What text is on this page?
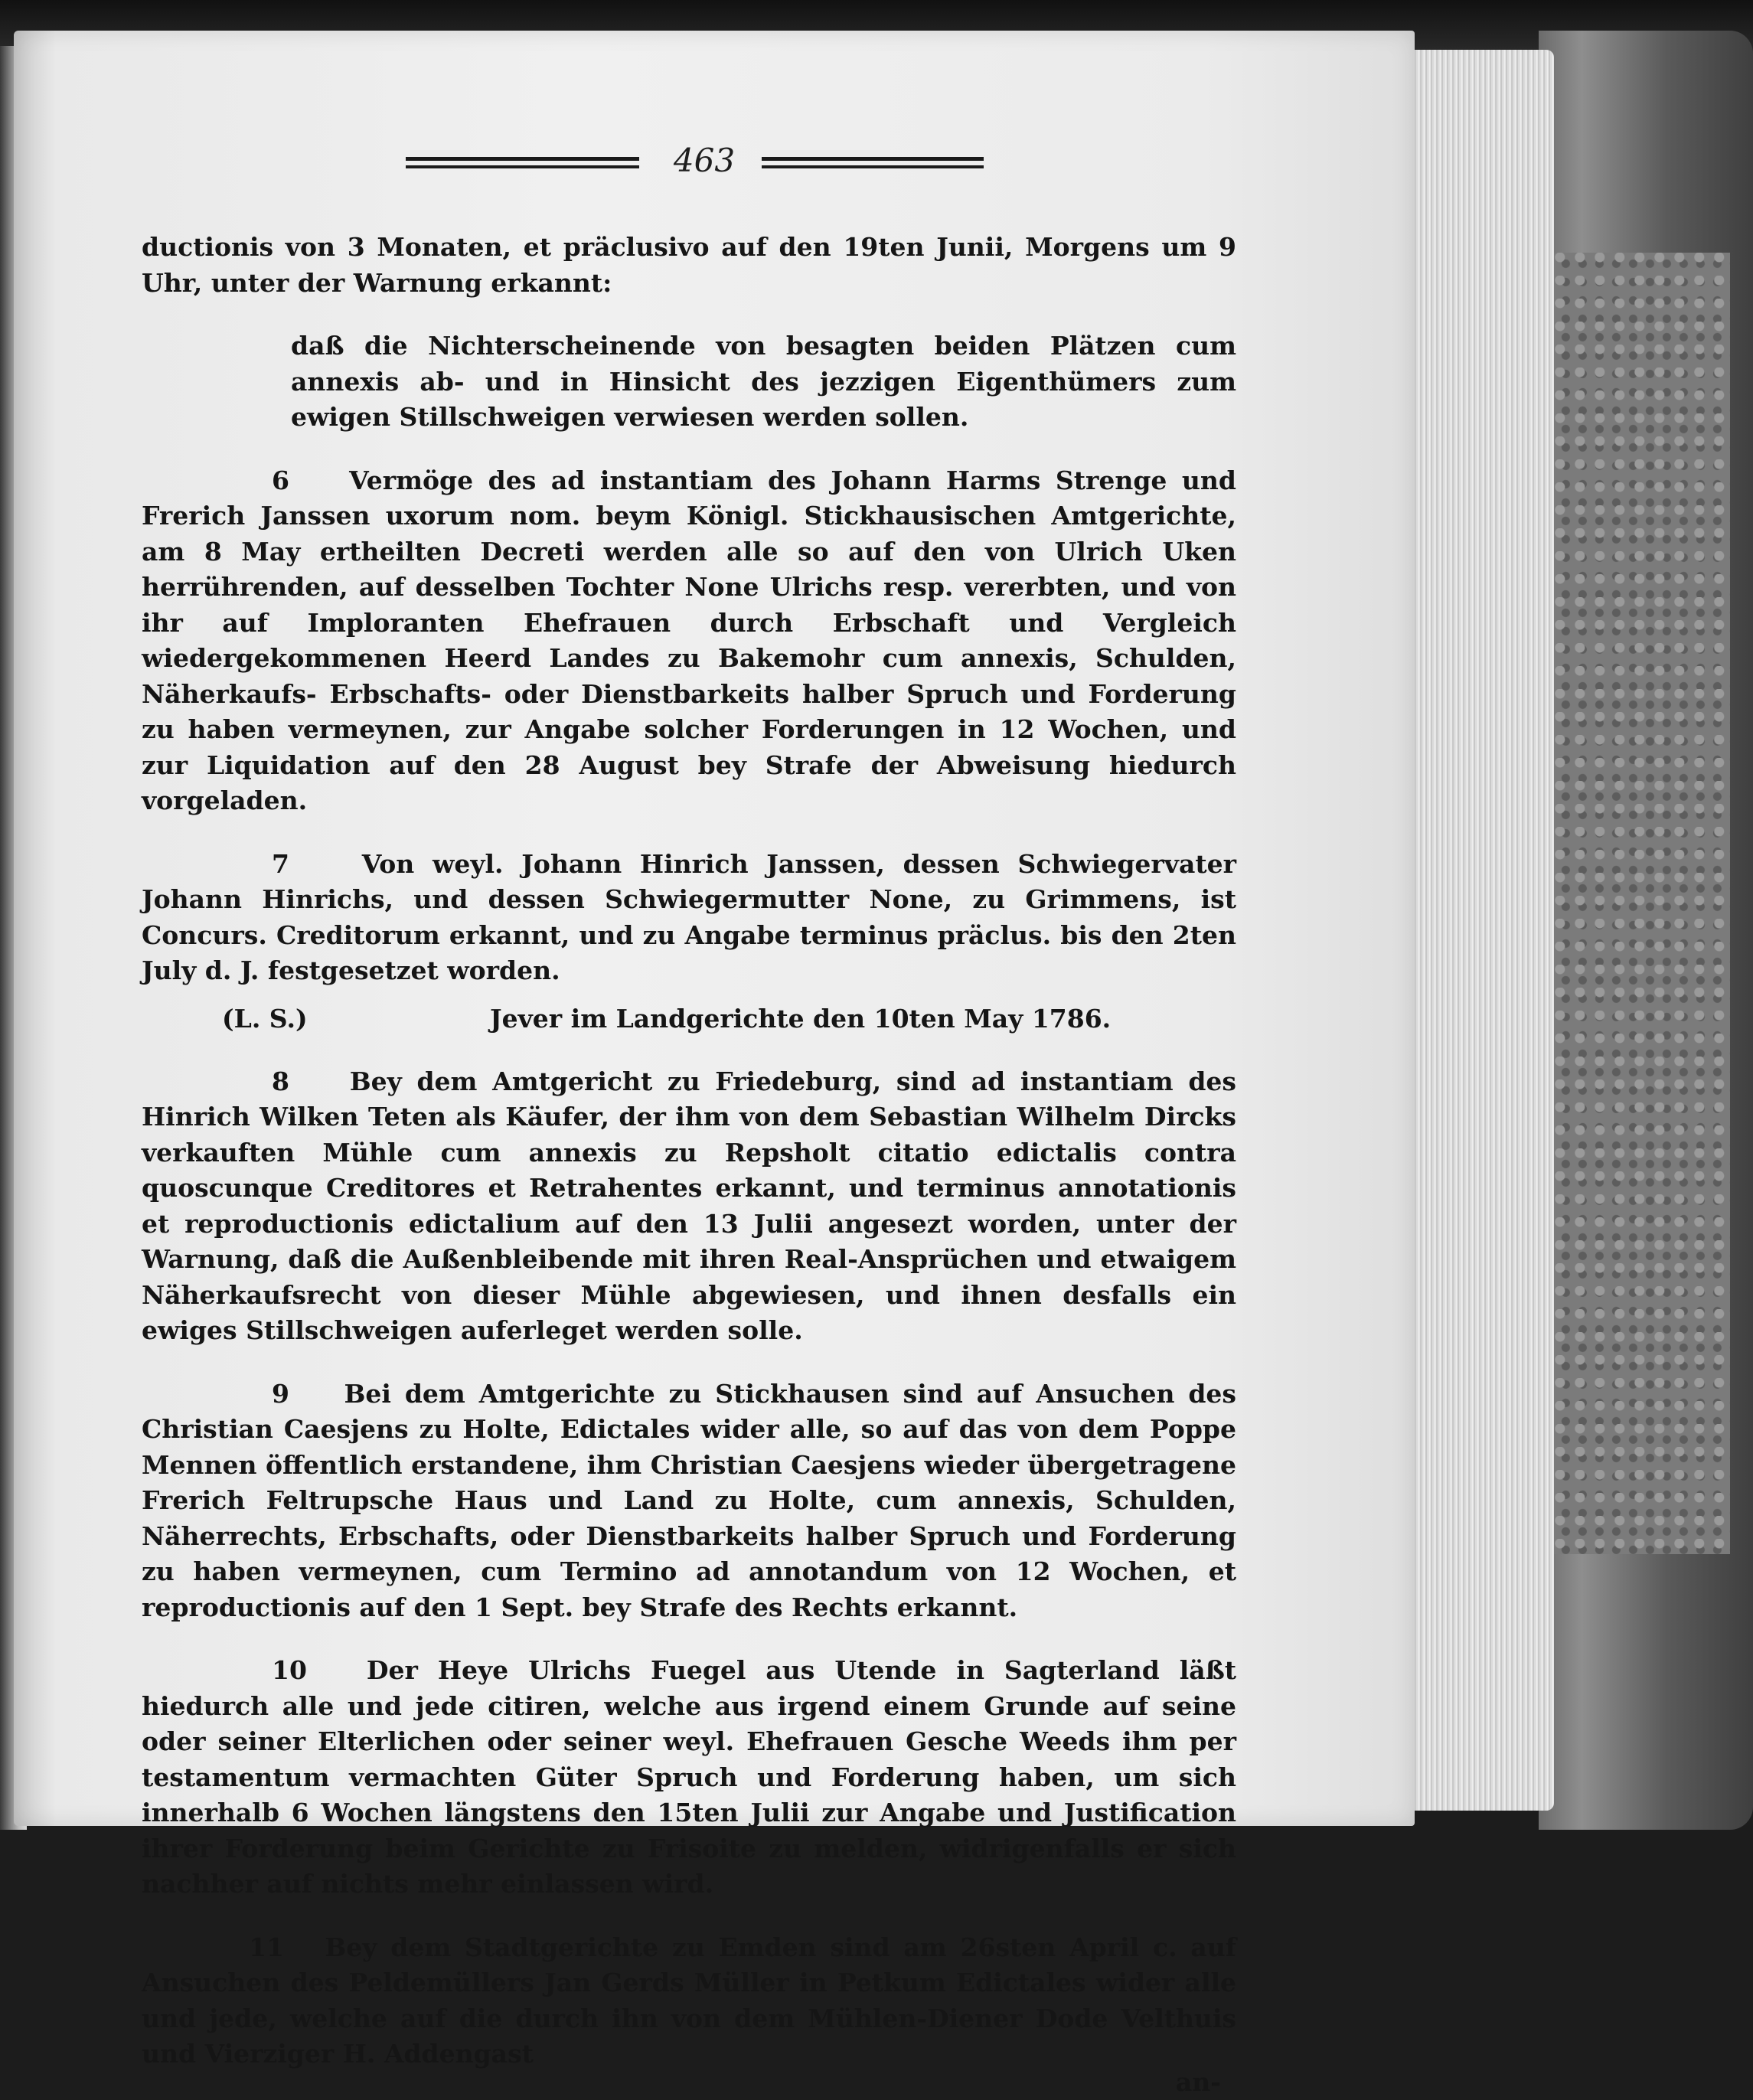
463

ductionis von 3 Monaten, et präclusivo auf den 19ten Junii, Morgens um 9 Uhr, unter der Warnung erkannt:

daß die Nichterscheinende von besagten beiden Plätzen cum annexis ab- und in Hinsicht des jezzigen Eigenthümers zum ewigen Stillschweigen verwiesen werden sollen.

6 Vermöge des ad instantiam des Johann Harms Strenge und Frerich Janssen uxorum nom. beym Königl. Stickhausischen Amtgerichte, am 8 May ertheilten Decreti werden alle so auf den von Ulrich Uken herrührenden, auf desselben Tochter None Ulrichs resp. vererbten, und von ihr auf Imploranten Ehefrauen durch Erbschaft und Vergleich wiedergekommenen Heerd Landes zu Bakemohr cum annexis, Schulden, Näherkaufs- Erbschafts- oder Dienstbarkeits halber Spruch und Forderung zu haben vermeynen, zur Angabe solcher Forderungen in 12 Wochen, und zur Liquidation auf den 28 August bey Strafe der Abweisung hiedurch vorgeladen.

7	Von weyl. Johann Hinrich Janssen, dessen Schwiegervater Johann Hinrichs, und dessen Schwiegermutter None, zu Grimmens, ist Concurs. Creditorum erkannt, und zu Angabe terminus präclus. bis den 2ten July d. J. festgesetzet worden.

(L. S.)	Jever im Landgerichte den 10ten May 1786.

8 Bey dem Amtgericht zu Friedeburg, sind ad instantiam des Hinrich Wilken Teten als Käufer, der ihm von dem Sebastian Wilhelm Dircks verkauften Mühle cum annexis zu Repsholt citatio edictalis contra quoscunque Creditores et Retrahentes erkannt, und terminus annotationis et reproductionis edictalium auf den 13 Julii angesezt worden, unter der Warnung, daß die Außenbleibende mit ihren Real-Ansprüchen und etwaigem Näherkaufsrecht von dieser Mühle abgewiesen, und ihnen desfalls ein ewiges Stillschweigen auferleget werden solle.

9 Bei dem Amtgerichte zu Stickhausen sind auf Ansuchen des Christian Caesjens zu Holte, Edictales wider alle, so auf das von dem Poppe Mennen öffentlich erstandene, ihm Christian Caesjens wieder übergetragene Frerich Feltrupsche Haus und Land zu Holte, cum annexis, Schulden, Näherrechts, Erbschafts, oder Dienstbarkeits halber Spruch und Forderung zu haben vermeynen, cum Termino ad annotandum von 12 Wochen, et reproductionis auf den 1 Sept. bey Strafe des Rechts erkannt.

10 Der Heye Ulrichs Fuegel aus Utende in Sagterland läßt hiedurch alle und jede citiren, welche aus irgend einem Grunde auf seine oder seiner Elterlichen oder seiner weyl. Ehefrauen Gesche Weeds ihm per testamentum vermachten Güter Spruch und Forderung haben, um sich innerhalb 6 Wochen längstens den 15ten Julii zur Angabe und Justification ihrer Forderung beim Gerichte zu Frisoite zu melden, widrigenfalls er sich nachher auf nichts mehr einlassen wird.

11 Bey dem Stadtgerichte zu Emden sind am 26sten April c. auf Ansuchen des Peldemüllers Jan Gerds Müller in Petkum Edictales wider alle und jede, welche auf die durch ihn von dem Mühlen-Diener Dode Velthuis und Vierziger H. Addengast

an-
